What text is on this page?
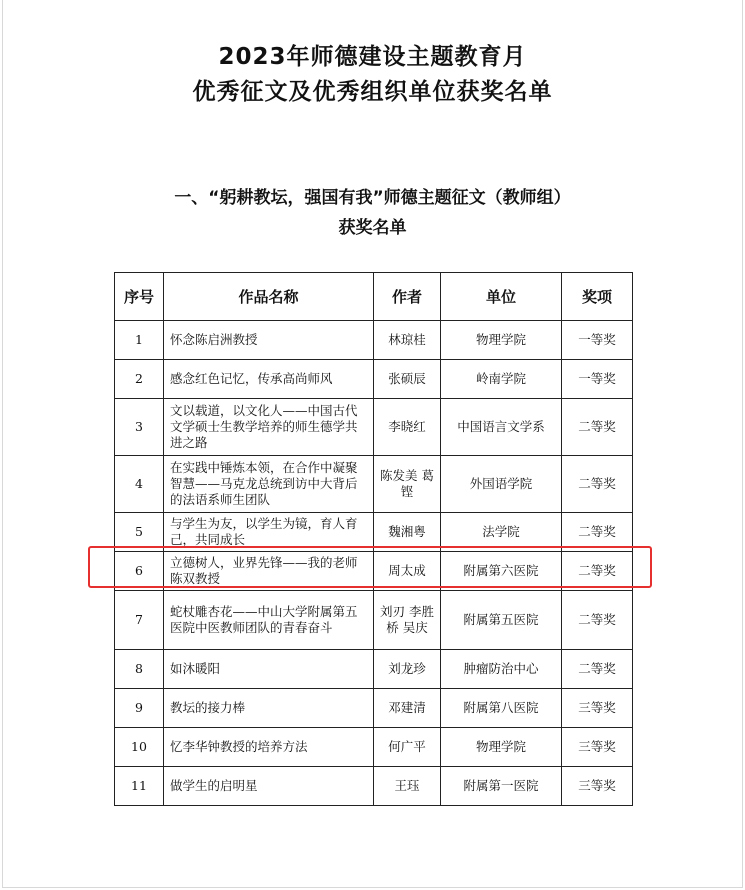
2023年师德建设主题教育月
优秀征文及优秀组织单位获奖名单
一、“躬耕教坛，强国有我”师德主题征文（教师组）
获奖名单
序号	作品名称	作者	单位	奖项
1	怀念陈启洲教授	林琼桂	物理学院	一等奖
2	感念红色记忆，传承高尚师风	张硕辰	岭南学院	一等奖
3	文以载道，以文化人——中国古代文学硕士生教学培养的师生德学共进之路	李晓红	中国语言文学系	二等奖
4	在实践中锤炼本领，在合作中凝聚智慧——马克龙总统到访中大背后的法语系师生团队	陈发美 葛铿	外国语学院	二等奖
5	与学生为友，以学生为镜，育人育己，共同成长	魏湘粤	法学院	二等奖
6	立德树人，业界先锋——我的老师陈双教授	周太成	附属第六医院	二等奖
7	蛇杖雕杏花——中山大学附属第五医院中医教师团队的青春奋斗	刘刃 李胜桥 吴庆	附属第五医院	二等奖
8	如沐暖阳	刘龙珍	肿瘤防治中心	二等奖
9	教坛的接力棒	邓建清	附属第八医院	三等奖
10	忆李华钟教授的培养方法	何广平	物理学院	三等奖
11	做学生的启明星	王珏	附属第一医院	三等奖
